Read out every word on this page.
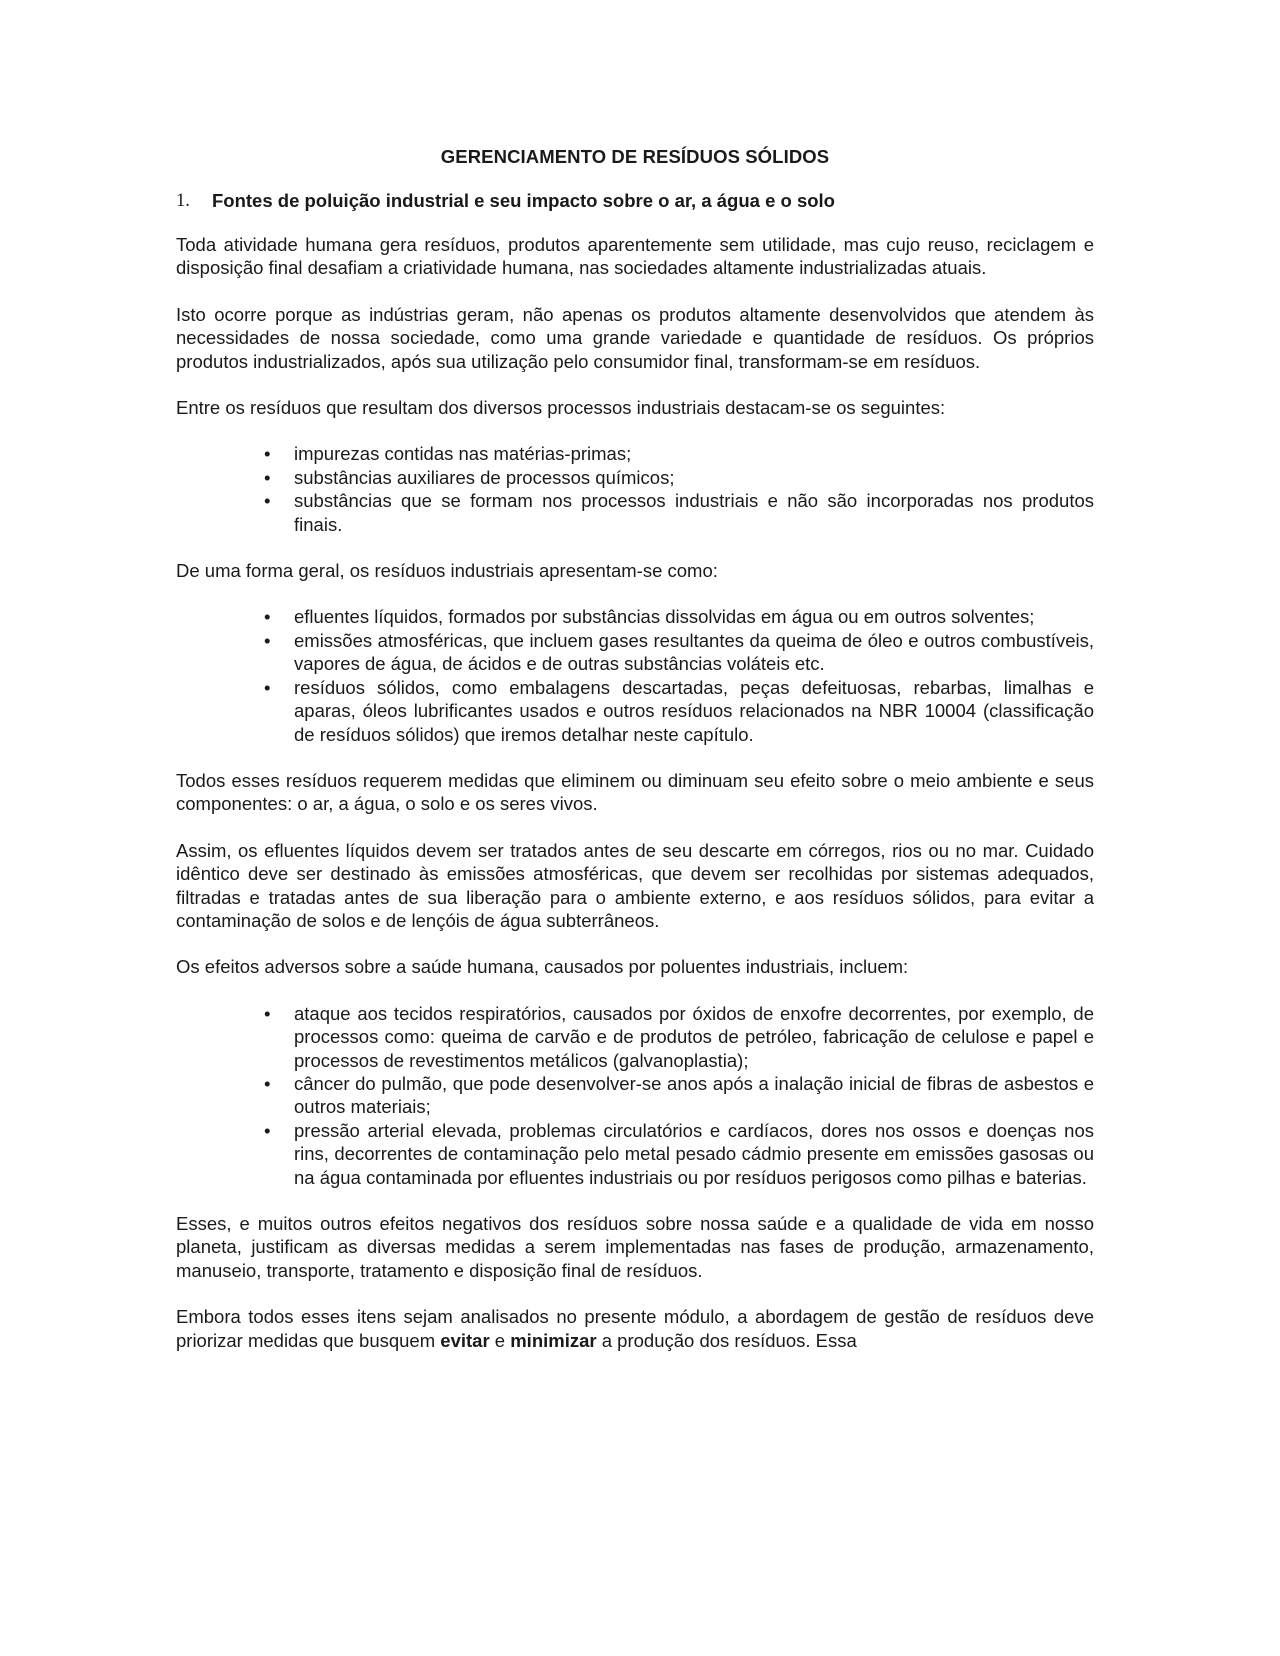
GERENCIAMENTO DE RESÍDUOS SÓLIDOS
1.	Fontes de poluição industrial e seu impacto sobre o ar, a água e o solo

Toda atividade humana gera resíduos, produtos aparentemente sem utilidade, mas cujo reuso, reciclagem e disposição final desafiam a criatividade humana, nas sociedades altamente industrializadas atuais.

Isto ocorre porque as indústrias geram, não apenas os produtos altamente desenvolvidos que atendem às necessidades de nossa sociedade, como uma grande variedade e quantidade de resíduos. Os próprios produtos industrializados, após sua utilização pelo consumidor final, transformam-se em resíduos.

Entre os resíduos que resultam dos diversos processos industriais destacam-se os seguintes:

• impurezas contidas nas matérias-primas;
• substâncias auxiliares de processos químicos;
• substâncias que se formam nos processos industriais e não são incorporadas nos produtos finais.

De uma forma geral, os resíduos industriais apresentam-se como:

• efluentes líquidos, formados por substâncias dissolvidas em água ou em outros solventes;
• emissões atmosféricas, que incluem gases resultantes da queima de óleo e outros combustíveis, vapores de água, de ácidos e de outras substâncias voláteis etc.
• resíduos sólidos, como embalagens descartadas, peças defeituosas, rebarbas, limalhas e aparas, óleos lubrificantes usados e outros resíduos relacionados na NBR 10004 (classificação de resíduos sólidos) que iremos detalhar neste capítulo.

Todos esses resíduos requerem medidas que eliminem ou diminuam seu efeito sobre o meio ambiente e seus componentes: o ar, a água, o solo e os seres vivos.

Assim, os efluentes líquidos devem ser tratados antes de seu descarte em córregos, rios ou no mar. Cuidado idêntico deve ser destinado às emissões atmosféricas, que devem ser recolhidas por sistemas adequados, filtradas e tratadas antes de sua liberação para o ambiente externo, e aos resíduos sólidos, para evitar a contaminação de solos e de lençóis de água subterrâneos.

Os efeitos adversos sobre a saúde humana, causados por poluentes industriais, incluem:

• ataque aos tecidos respiratórios, causados por óxidos de enxofre decorrentes, por exemplo, de processos como: queima de carvão e de produtos de petróleo, fabricação de celulose e papel e processos de revestimentos metálicos (galvanoplastia);
• câncer do pulmão, que pode desenvolver-se anos após a inalação inicial de fibras de asbestos e outros materiais;
• pressão arterial elevada, problemas circulatórios e cardíacos, dores nos ossos e doenças nos rins, decorrentes de contaminação pelo metal pesado cádmio presente em emissões gasosas ou na água contaminada por efluentes industriais ou por resíduos perigosos como pilhas e baterias.

Esses, e muitos outros efeitos negativos dos resíduos sobre nossa saúde e a qualidade de vida em nosso planeta, justificam as diversas medidas a serem implementadas nas fases de produção, armazenamento, manuseio, transporte, tratamento e disposição final de resíduos.

Embora todos esses itens sejam analisados no presente módulo, a abordagem de gestão de resíduos deve priorizar medidas que busquem evitar e minimizar a produção dos resíduos. Essa
